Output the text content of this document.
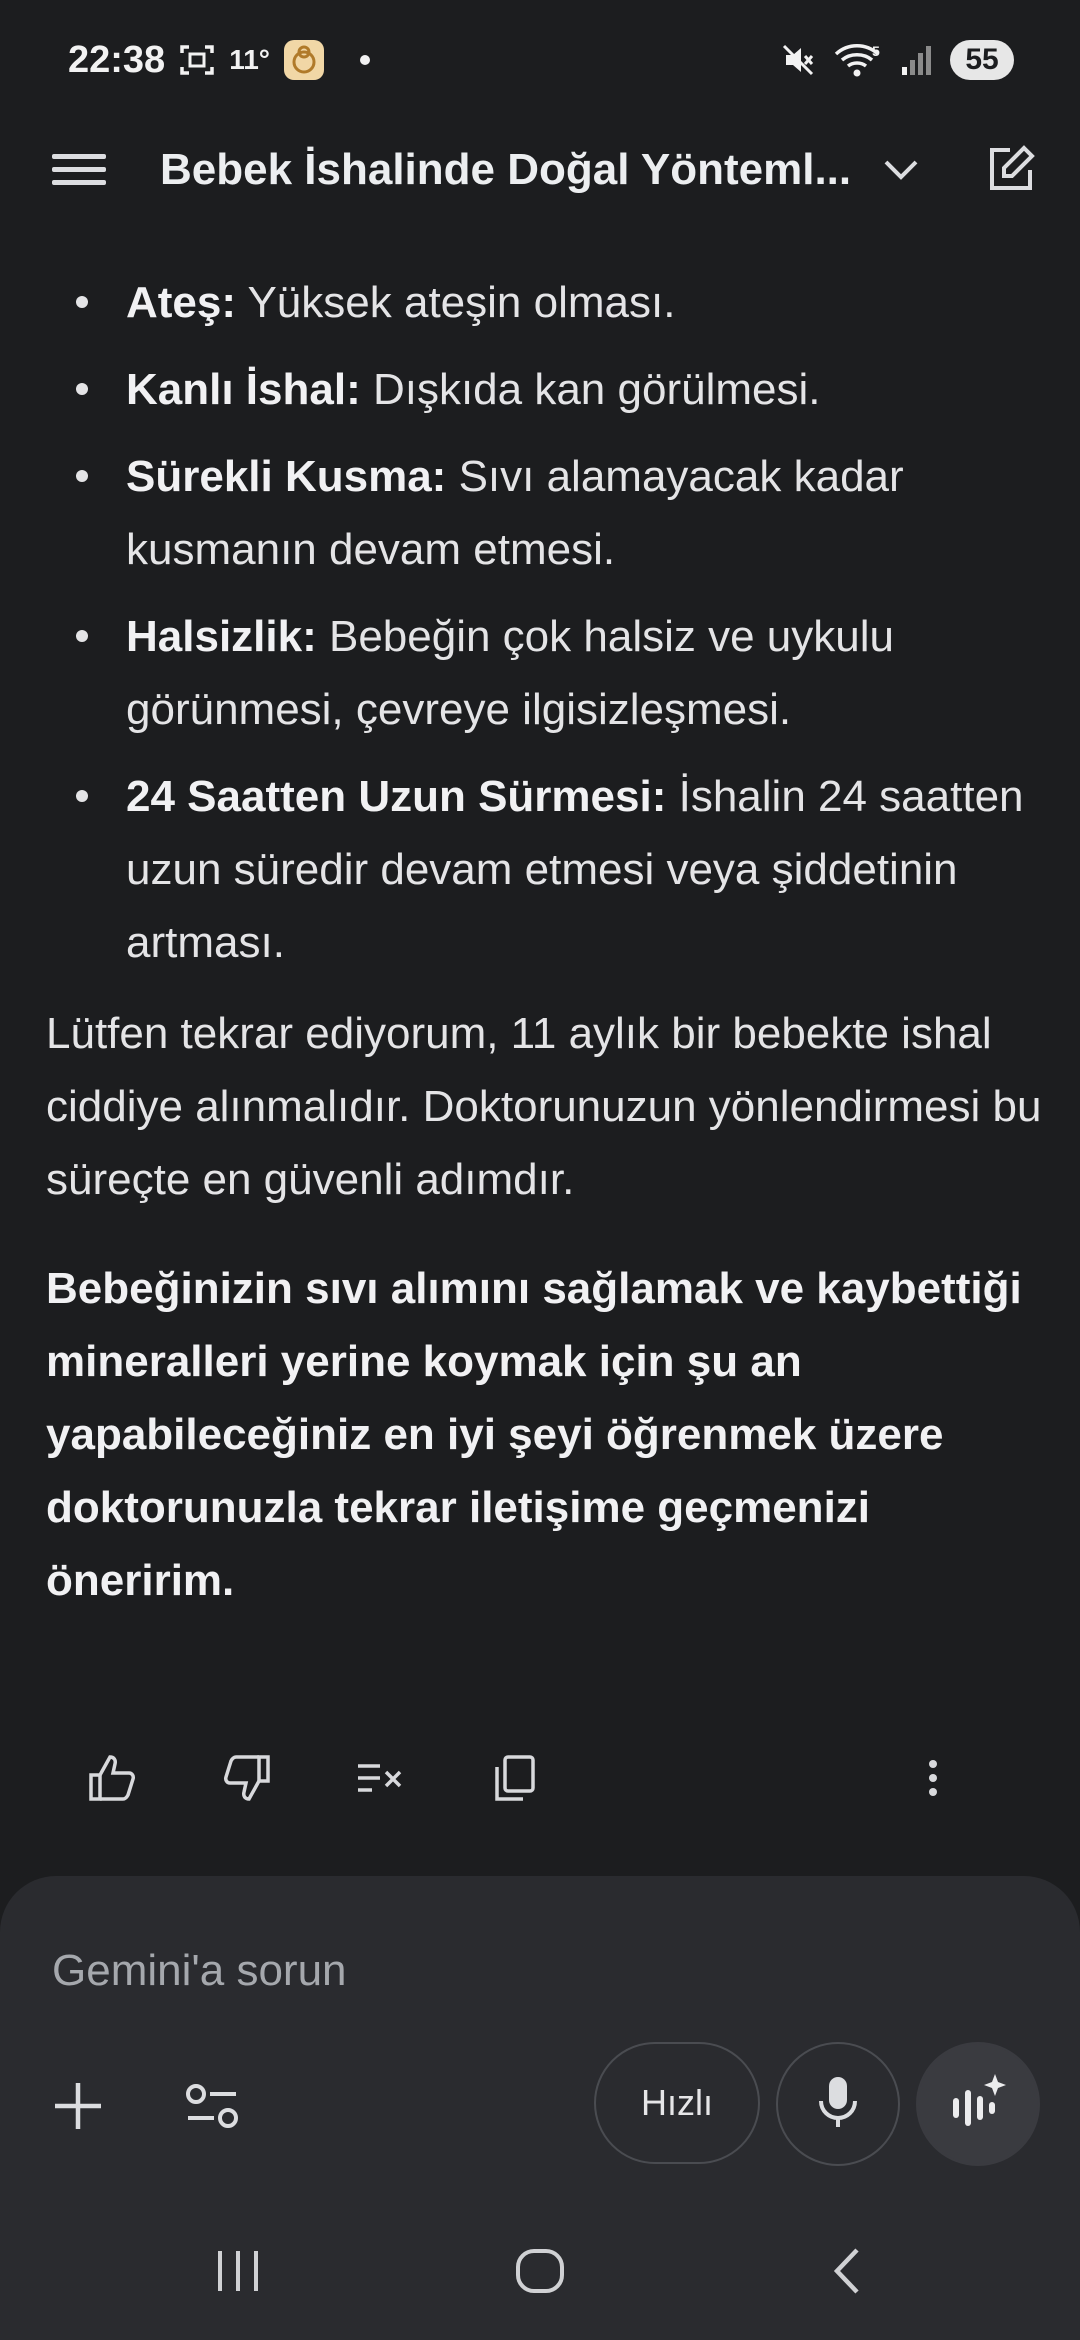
22:38 11°	5	55
Bebek İshalinde Doğal Yönteml...
Ateş: Yüksek ateşin olması.
Kanlı İshal: Dışkıda kan görülmesi.
Sürekli Kusma: Sıvı alamayacak kadar kusmanın devam etmesi.
Halsizlik: Bebeğin çok halsiz ve uykulu görünmesi, çevreye ilgisizleşmesi.
24 Saatten Uzun Sürmesi: İshalin 24 saatten uzun süredir devam etmesi veya şiddetinin artması.

Lütfen tekrar ediyorum, 11 aylık bir bebekte ishal ciddiye alınmalıdır. Doktorunuzun yönlendirmesi bu süreçte en güvenli adımdır.

Bebeğinizin sıvı alımını sağlamak ve kaybettiği mineralleri yerine koymak için şu an yapabileceğiniz en iyi şeyi öğrenmek üzere doktorunuzla tekrar iletişime geçmenizi öneririm.

Gemini'a sorun
Hızlı
